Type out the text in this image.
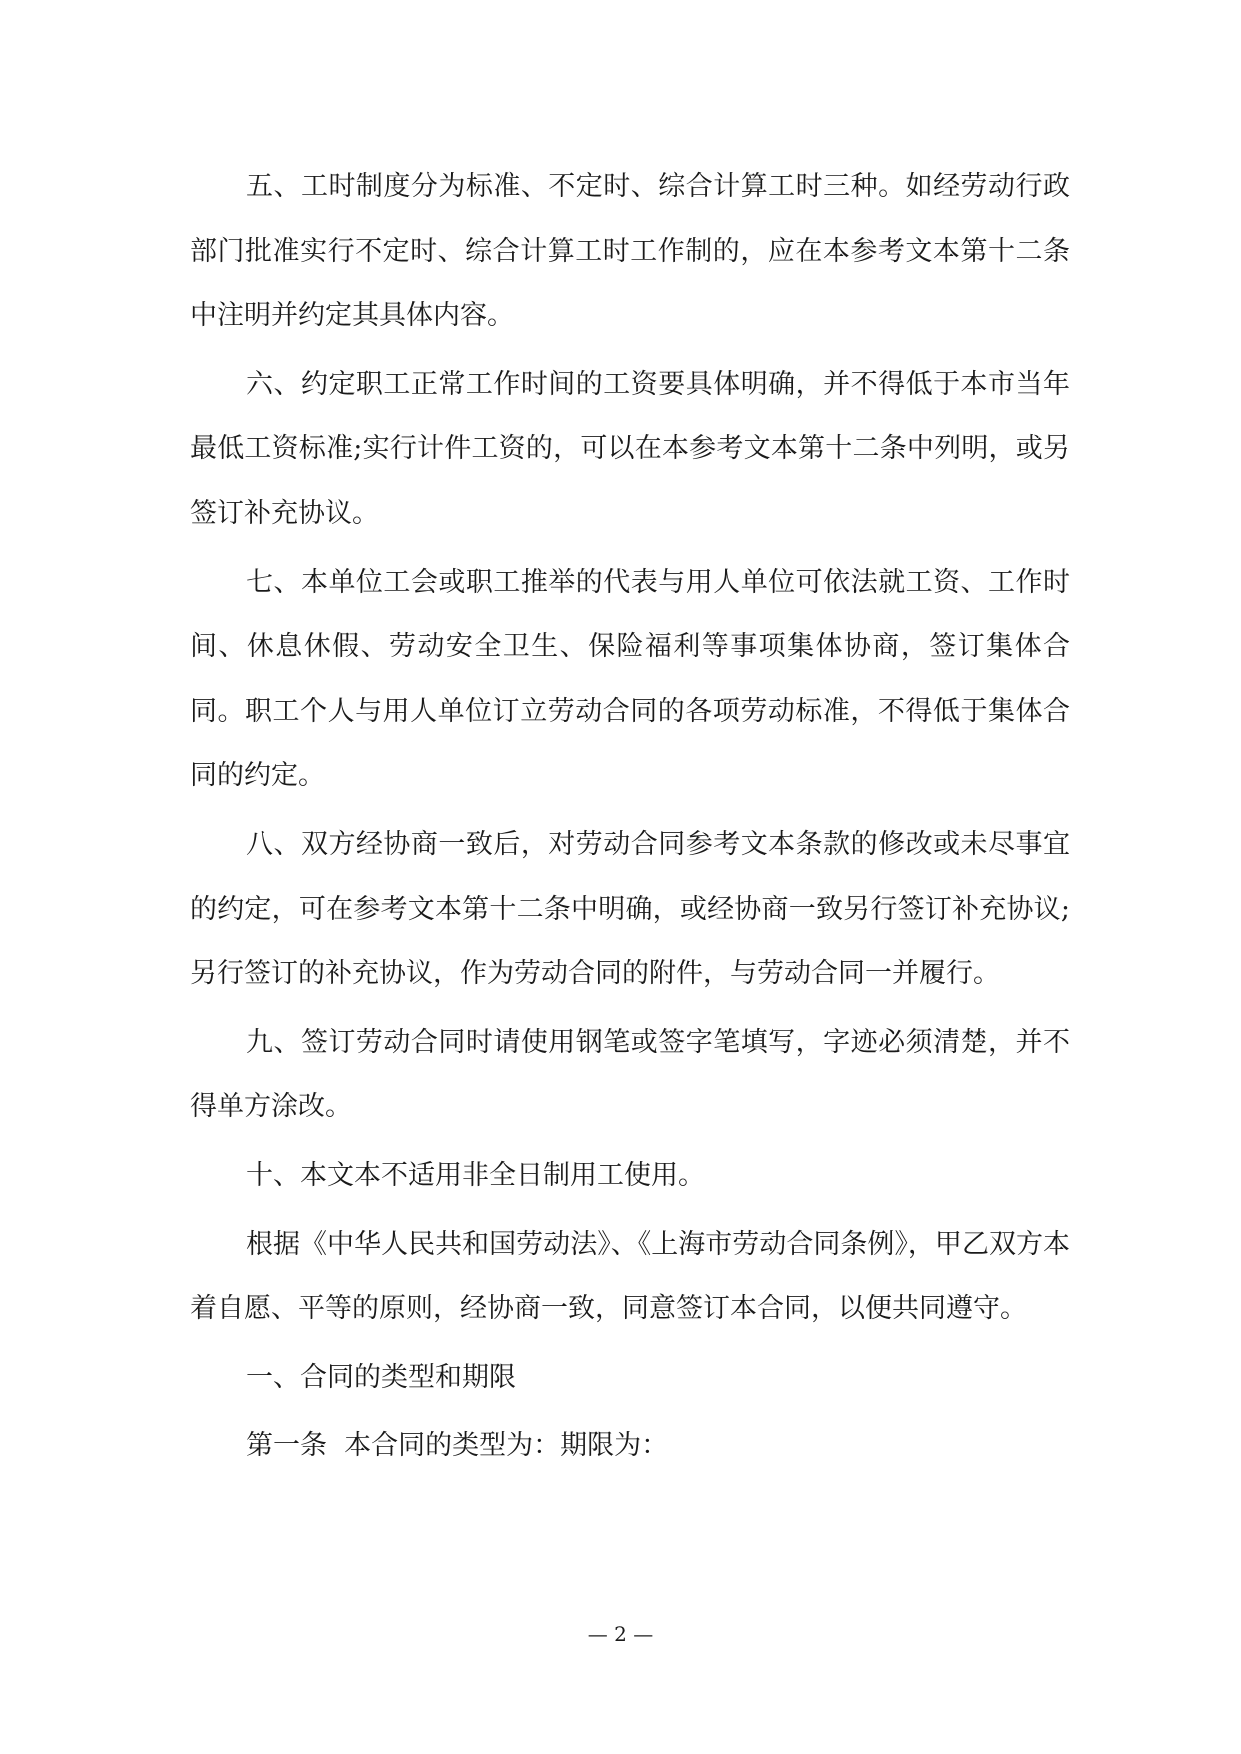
五、工时制度分为标准、不定时、综合计算工时三种。如经劳动行政部门批准实行不定时、综合计算工时工作制的，应在本参考文本第十二条中注明并约定其具体内容。

六、约定职工正常工作时间的工资要具体明确，并不得低于本市当年最低工资标准;实行计件工资的，可以在本参考文本第十二条中列明，或另签订补充协议。

七、本单位工会或职工推举的代表与用人单位可依法就工资、工作时间、休息休假、劳动安全卫生、保险福利等事项集体协商，签订集体合同。职工个人与用人单位订立劳动合同的各项劳动标准，不得低于集体合同的约定。

八、双方经协商一致后，对劳动合同参考文本条款的修改或未尽事宜的约定，可在参考文本第十二条中明确，或经协商一致另行签订补充协议;另行签订的补充协议，作为劳动合同的附件，与劳动合同一并履行。

九、签订劳动合同时请使用钢笔或签字笔填写，字迹必须清楚，并不得单方涂改。

十、本文本不适用非全日制用工使用。

根据《中华人民共和国劳动法》、《上海市劳动合同条例》，甲乙双方本着自愿、平等的原则，经协商一致，同意签订本合同，以便共同遵守。

一、合同的类型和期限

第一条  本合同的类型为：期限为：

— 2 —
